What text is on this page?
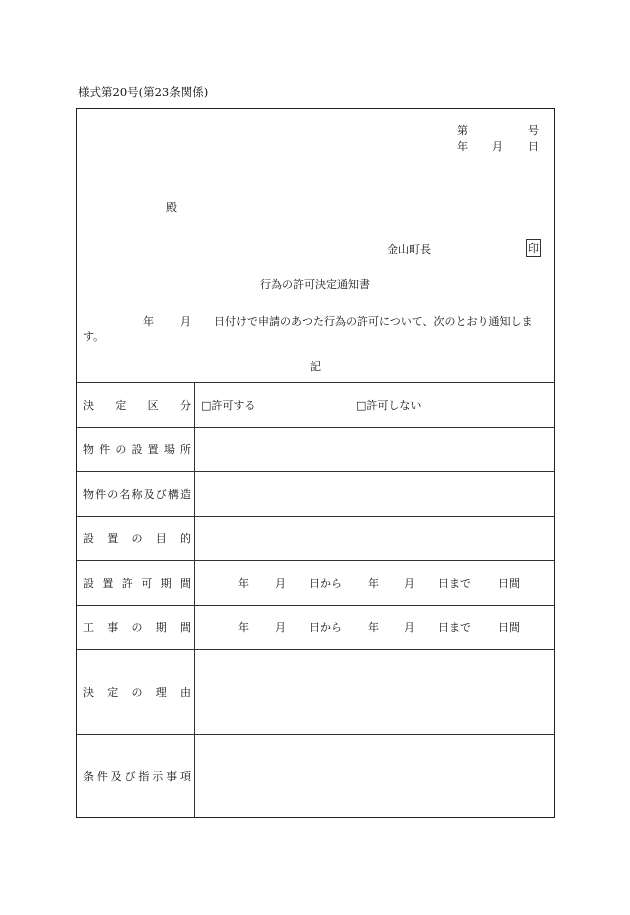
様式第20号(第23条関係)
第	号
年 月 日
殿
金山町長	印
行為の許可決定通知書
年 月 日付けで申請のあつた行為の許可について、次のとおり通知しま
す。
記
決定区分 □許可する	□許可しない
物件の設置場所
物件の名称及び構造
設置の目的
設置許可期間	年 月 日から 年 月 日まで 日間
工事の期間	年 月 日から 年 月 日まで 日間
決定の理由
条件及び指示事項
